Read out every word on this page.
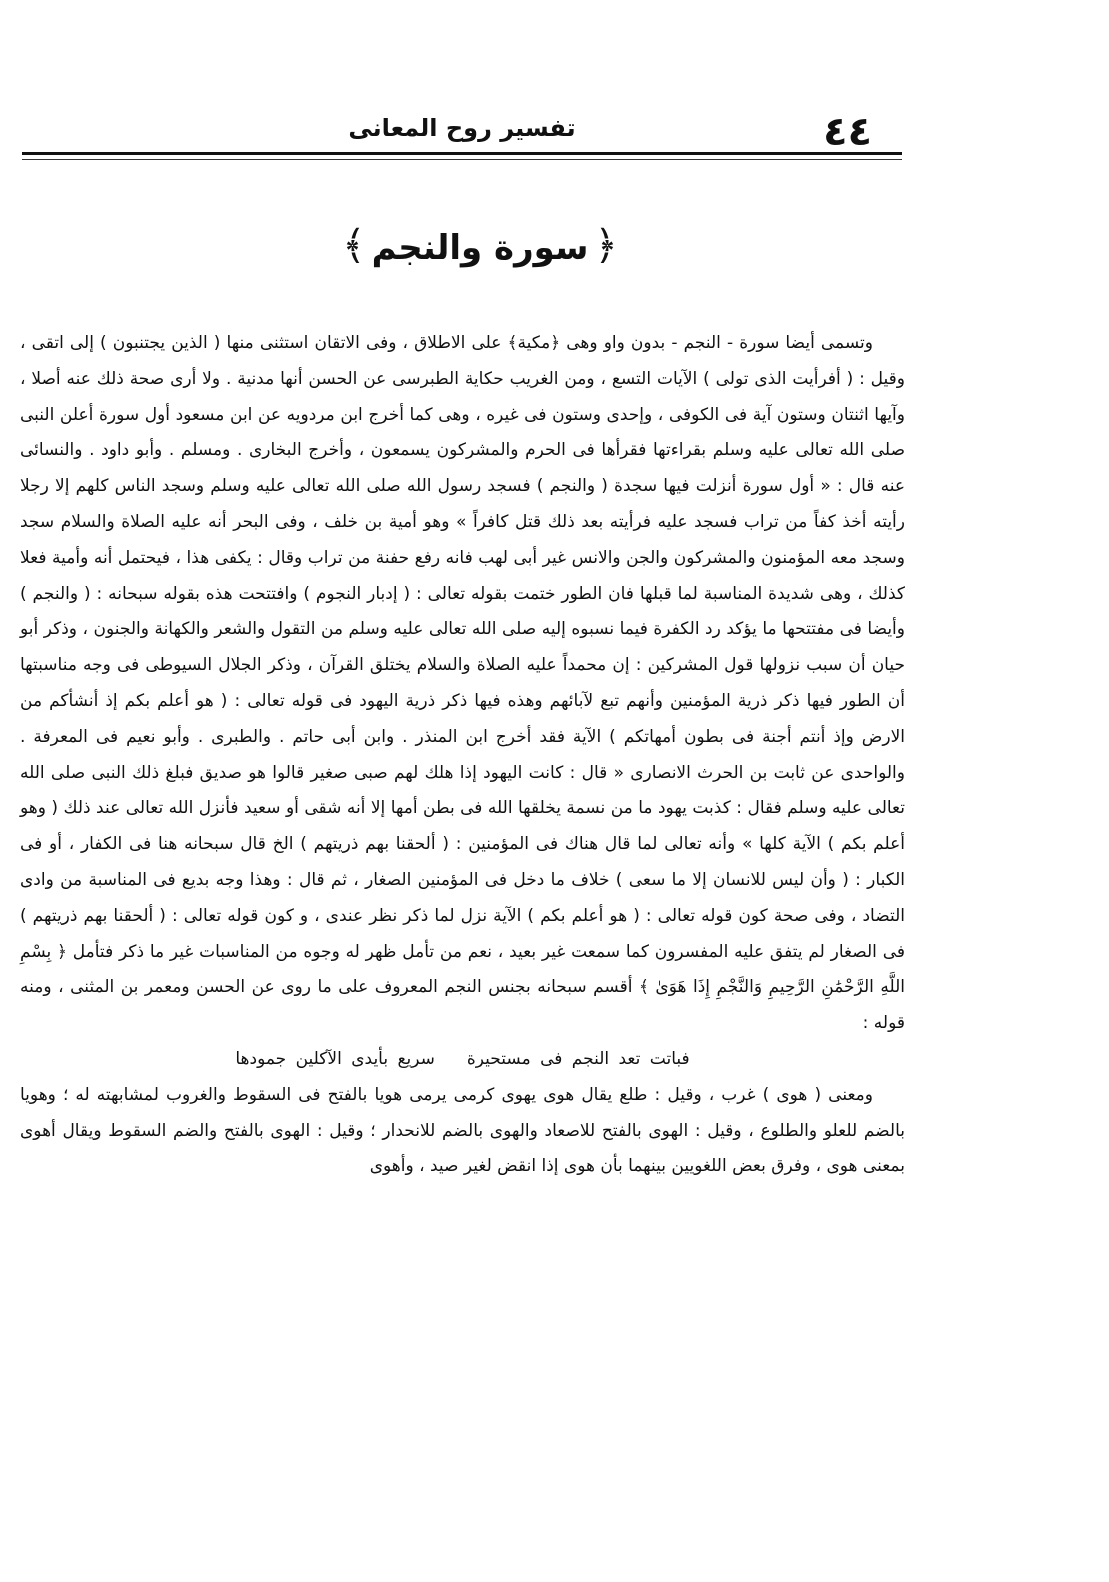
٤٤
تفسير روح المعانى
﴿سورة والنجم﴾

وتسمى أيضا سورة - النجم - بدون واو وهى ﴿مكية﴾ على الاطلاق ، وفى الاتقان استثنى منها ( الذين يجتنبون ) إلى اتقى ، وقيل : ( أفرأيت الذى تولى ) الآيات التسع ، ومن الغريب حكاية الطبرسى عن الحسن أنها مدنية . ولا أرى صحة ذلك عنه أصلا ، وآيها اثنتان وستون آية فى الكوفى ، وإحدى وستون فى غيره ، وهى كما أخرج ابن مردويه عن ابن مسعود أول سورة أعلن النبى صلى الله تعالى عليه وسلم بقراءتها فقرأها فى الحرم والمشركون يسمعون ، وأخرج البخارى . ومسلم . وأبو داود . والنسائى عنه قال : « أول سورة أنزلت فيها سجدة ( والنجم ) فسجد رسول الله صلى الله تعالى عليه وسلم وسجد الناس كلهم إلا رجلا رأيته أخذ كفاً من تراب فسجد عليه فرأيته بعد ذلك قتل كافراً » وهو أمية بن خلف ، وفى البحر أنه عليه الصلاة والسلام سجد وسجد معه المؤمنون والمشركون والجن والانس غير أبى لهب فانه رفع حفنة من تراب وقال : يكفى هذا ، فيحتمل أنه وأمية فعلا كذلك ، وهى شديدة المناسبة لما قبلها فان الطور ختمت بقوله تعالى : ( إدبار النجوم ) وافتتحت هذه بقوله سبحانه : ( والنجم ) وأيضا فى مفتتحها ما يؤكد رد الكفرة فيما نسبوه إليه صلى الله تعالى عليه وسلم من التقول والشعر والكهانة والجنون ، وذكر أبو حيان أن سبب نزولها قول المشركين : إن محمداً عليه الصلاة والسلام يختلق القرآن ، وذكر الجلال السيوطى فى وجه مناسبتها أن الطور فيها ذكر ذرية المؤمنين وأنهم تبع لآبائهم وهذه فيها ذكر ذرية اليهود فى قوله تعالى : ( هو أعلم بكم إذ أنشأكم من الارض وإذ أنتم أجنة فى بطون أمهاتكم ) الآية فقد أخرج ابن المنذر . وابن أبى حاتم . والطبرى . وأبو نعيم فى المعرفة . والواحدى عن ثابت بن الحرث الانصارى « قال : كانت اليهود إذا هلك لهم صبى صغير قالوا هو صديق فبلغ ذلك النبى صلى الله تعالى عليه وسلم فقال : كذبت يهود ما من نسمة يخلقها الله فى بطن أمها إلا أنه شقى أو سعيد فأنزل الله تعالى عند ذلك ( وهو أعلم بكم ) الآية كلها » وأنه تعالى لما قال هناك فى المؤمنين : ( ألحقنا بهم ذريتهم ) الخ قال سبحانه هنا فى الكفار ، أو فى الكبار : ( وأن ليس للانسان إلا ما سعى ) خلاف ما دخل فى المؤمنين الصغار ، ثم قال : وهذا وجه بديع فى المناسبة من وادى التضاد ، وفى صحة كون قوله تعالى : ( هو أعلم بكم ) الآية نزل لما ذكر نظر عندى ، و كون قوله تعالى : ( ألحقنا بهم ذريتهم ) فى الصغار لم يتفق عليه المفسرون كما سمعت غير بعيد ، نعم من تأمل ظهر له وجوه من المناسبات غير ما ذكر فتأمل ﴿ بِسْمِ اللَّهِ الرَّحْمَٰنِ الرَّحِيمِ وَالنَّجْمِ إِذَا هَوَىٰ ﴾ أقسم سبحانه بجنس النجم المعروف على ما روى عن الحسن ومعمر بن المثنى ، ومنه قوله :

فباتت تعد النجم فى مستحيرةسريع بأيدى الآكلين جمودها

ومعنى ( هوى ) غرب ، وقيل : طلع يقال هوى يهوى كرمى يرمى هويا بالفتح فى السقوط والغروب لمشابهته له ؛ وهويا بالضم للعلو والطلوع ، وقيل : الهوى بالفتح للاصعاد والهوى بالضم للانحدار ؛ وقيل : الهوى بالفتح والضم السقوط ويقال أهوى بمعنى هوى ، وفرق بعض اللغويين بينهما بأن هوى إذا انقض لغير صيد ، وأهوى
